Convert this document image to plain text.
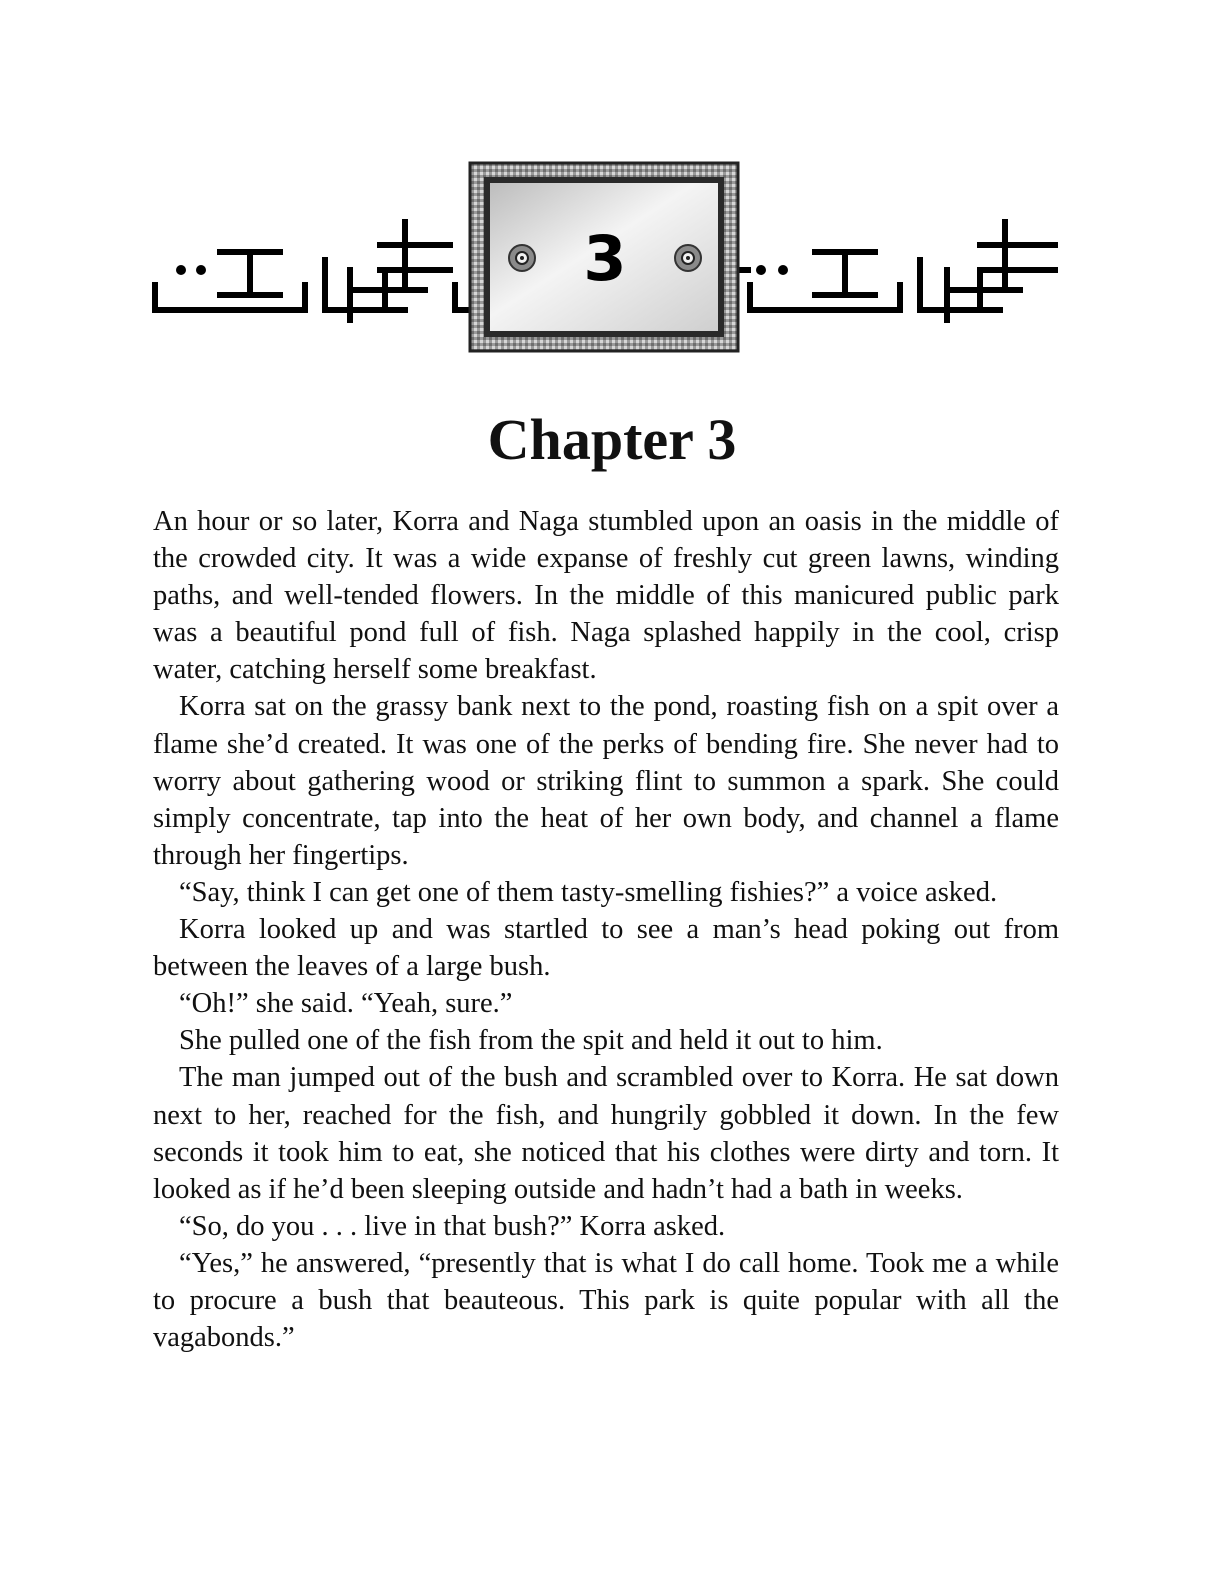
3
Chapter 3

An hour or so later, Korra and Naga stumbled upon an oasis in the middle of the crowded city. It was a wide expanse of freshly cut green lawns, winding paths, and well-tended flowers. In the middle of this manicured public park was a beautiful pond full of fish. Naga splashed happily in the cool, crisp water, catching herself some breakfast.

Korra sat on the grassy bank next to the pond, roasting fish on a spit over a flame she’d created. It was one of the perks of bending fire. She never had to worry about gathering wood or striking flint to summon a spark. She could simply concentrate, tap into the heat of her own body, and channel a flame through her fingertips.

“Say, think I can get one of them tasty-smelling fishies?” a voice asked.

Korra looked up and was startled to see a man’s head poking out from between the leaves of a large bush.

“Oh!” she said. “Yeah, sure.”

She pulled one of the fish from the spit and held it out to him.

The man jumped out of the bush and scrambled over to Korra. He sat down next to her, reached for the fish, and hungrily gobbled it down. In the few seconds it took him to eat, she noticed that his clothes were dirty and torn. It looked as if he’d been sleeping outside and hadn’t had a bath in weeks.

“So, do you . . . live in that bush?” Korra asked.

“Yes,” he answered, “presently that is what I do call home. Took me a while to procure a bush that beauteous. This park is quite popular with all the vagabonds.”
